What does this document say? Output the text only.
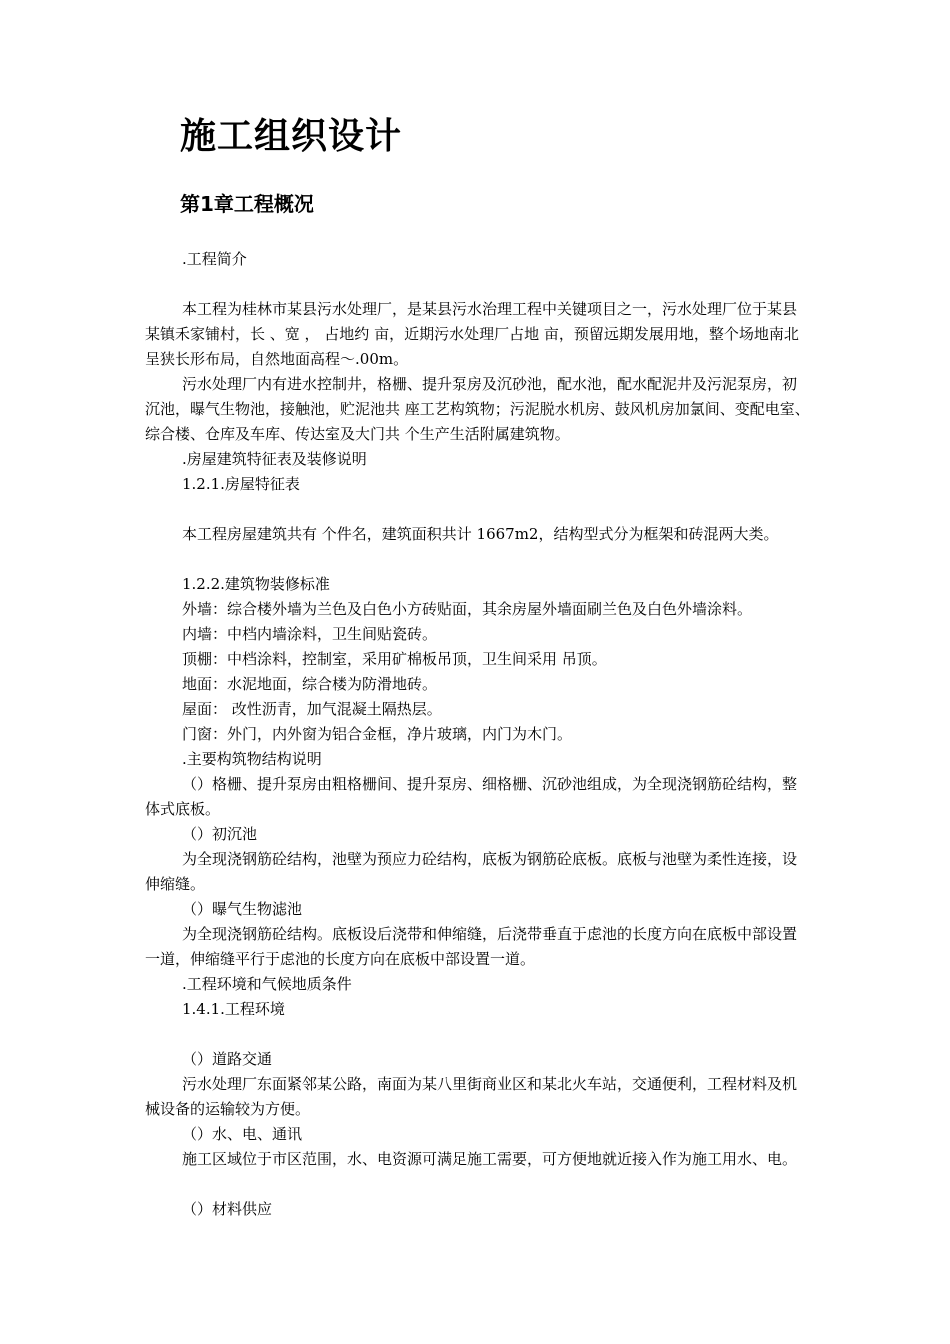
施工组织设计
第1章工程概况
.工程简介

本工程为桂林市某县污水处理厂，是某县污水治理工程中关键项目之一，污水处理厂位于某县某镇禾家铺村，长 、宽 ， 占地约 亩，近期污水处理厂占地 亩，预留远期发展用地，整个场地南北呈狭长形布局，自然地面高程～.00m。

污水处理厂内有进水控制井，格栅、提升泵房及沉砂池，配水池，配水配泥井及污泥泵房，初沉池，曝气生物池，接触池，贮泥池共 座工艺构筑物；污泥脱水机房、鼓风机房加氯间、变配电室、综合楼、仓库及车库、传达室及大门共 个生产生活附属建筑物。

.房屋建筑特征表及装修说明
1.2.1.房屋特征表

本工程房屋建筑共有 个件名，建筑面积共计 1667m2，结构型式分为框架和砖混两大类。

1.2.2.建筑物装修标准
外墙：综合楼外墙为兰色及白色小方砖贴面，其余房屋外墙面刷兰色及白色外墙涂料。
内墙：中档内墙涂料，卫生间贴瓷砖。
顶棚：中档涂料，控制室，采用矿棉板吊顶，卫生间采用 吊顶。
地面：水泥地面，综合楼为防滑地砖。
屋面： 改性沥青，加气混凝土隔热层。
门窗：外门，内外窗为铝合金框，净片玻璃，内门为木门。
.主要构筑物结构说明

（）格栅、提升泵房由粗格栅间、提升泵房、细格栅、沉砂池组成，为全现浇钢筋砼结构，整体式底板。

（）初沉池

为全现浇钢筋砼结构，池壁为预应力砼结构，底板为钢筋砼底板。底板与池壁为柔性连接，设伸缩缝。

（）曝气生物滤池

为全现浇钢筋砼结构。底板设后浇带和伸缩缝，后浇带垂直于虑池的长度方向在底板中部设置一道，伸缩缝平行于虑池的长度方向在底板中部设置一道。

.工程环境和气候地质条件
1.4.1.工程环境
（）道路交通

污水处理厂东面紧邻某公路，南面为某八里街商业区和某北火车站，交通便利，工程材料及机械设备的运输较为方便。

（）水、电、通讯

施工区域位于市区范围，水、电资源可满足施工需要，可方便地就近接入作为施工用水、电。

（）材料供应
